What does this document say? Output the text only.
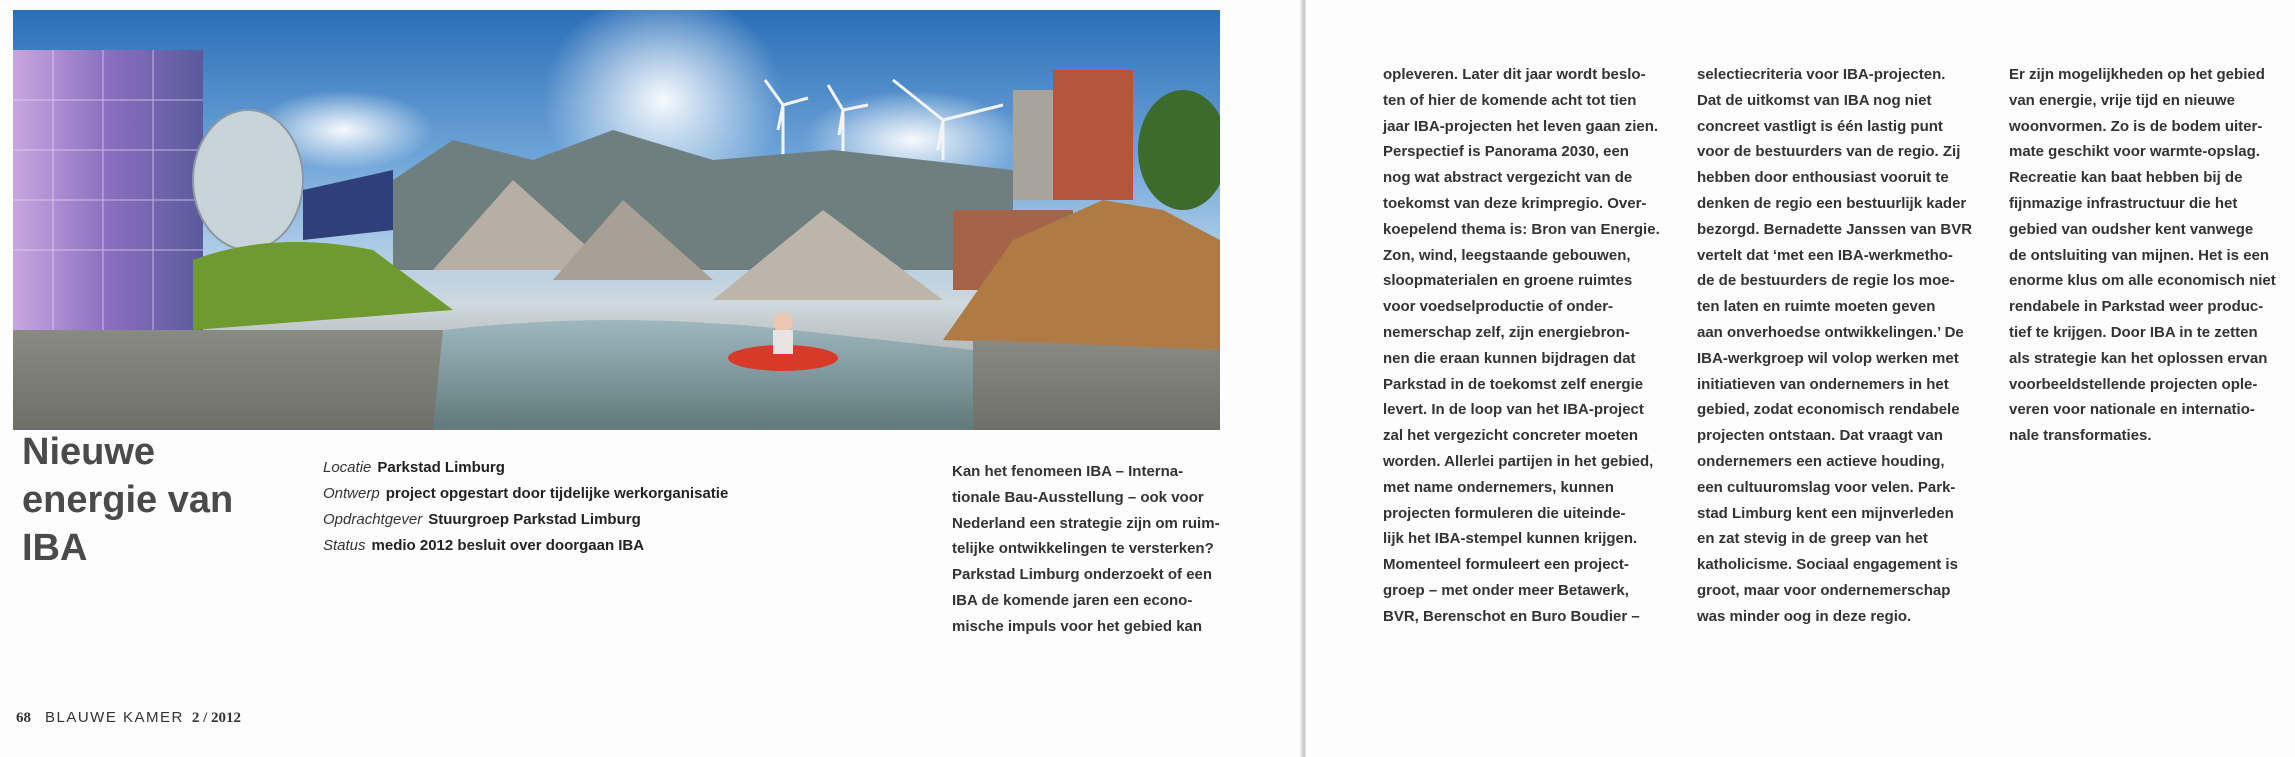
Nieuwe
energie van
IBA
Locatie Parkstad Limburg
Ontwerp project opgestart door tijdelijke werkorganisatie
Opdrachtgever Stuurgroep Parkstad Limburg
Status medio 2012 besluit over doorgaan IBA
Kan het fenomeen IBA – Interna-
tionale Bau-Ausstellung – ook voor
Nederland een strategie zijn om ruim-
telijke ontwikkelingen te versterken?
Parkstad Limburg onderzoekt of een
IBA de komende jaren een econo-
mische impuls voor het gebied kan
68 BLAUWE KAMER 2 / 2012
opleveren. Later dit jaar wordt beslo-
ten of hier de komende acht tot tien
jaar IBA-projecten het leven gaan zien.
Perspectief is Panorama 2030, een
nog wat abstract vergezicht van de
toekomst van deze krimpregio. Over-
koepelend thema is: Bron van Energie.
Zon, wind, leegstaande gebouwen,
sloopmaterialen en groene ruimtes
voor voedselproductie of onder-
nemerschap zelf, zijn energiebron-
nen die eraan kunnen bijdragen dat
Parkstad in de toekomst zelf energie
levert. In de loop van het IBA-project
zal het vergezicht concreter moeten
worden. Allerlei partijen in het gebied,
met name ondernemers, kunnen
projecten formuleren die uiteinde-
lijk het IBA-stempel kunnen krijgen.
Momenteel formuleert een project-
groep – met onder meer Betawerk,
BVR, Berenschot en Buro Boudier –
selectiecriteria voor IBA-projecten.
Dat de uitkomst van IBA nog niet
concreet vastligt is één lastig punt
voor de bestuurders van de regio. Zij
hebben door enthousiast vooruit te
denken de regio een bestuurlijk kader
bezorgd. Bernadette Janssen van BVR
vertelt dat ‘met een IBA-werkmetho-
de de bestuurders de regie los moe-
ten laten en ruimte moeten geven
aan onverhoedse ontwikkelingen.’ De
IBA-werkgroep wil volop werken met
initiatieven van ondernemers in het
gebied, zodat economisch rendabele
projecten ontstaan. Dat vraagt van
ondernemers een actieve houding,
een cultuuromslag voor velen. Park-
stad Limburg kent een mijnverleden
en zat stevig in de greep van het
katholicisme. Sociaal engagement is
groot, maar voor ondernemerschap
was minder oog in deze regio.
Er zijn mogelijkheden op het gebied
van energie, vrije tijd en nieuwe
woonvormen. Zo is de bodem uiter-
mate geschikt voor warmte-opslag.
Recreatie kan baat hebben bij de
fijnmazige infrastructuur die het
gebied van oudsher kent vanwege
de ontsluiting van mijnen. Het is een
enorme klus om alle economisch niet
rendabele in Parkstad weer produc-
tief te krijgen. Door IBA in te zetten
als strategie kan het oplossen ervan
voorbeeldstellende projecten ople-
veren voor nationale en internatio-
nale transformaties.
